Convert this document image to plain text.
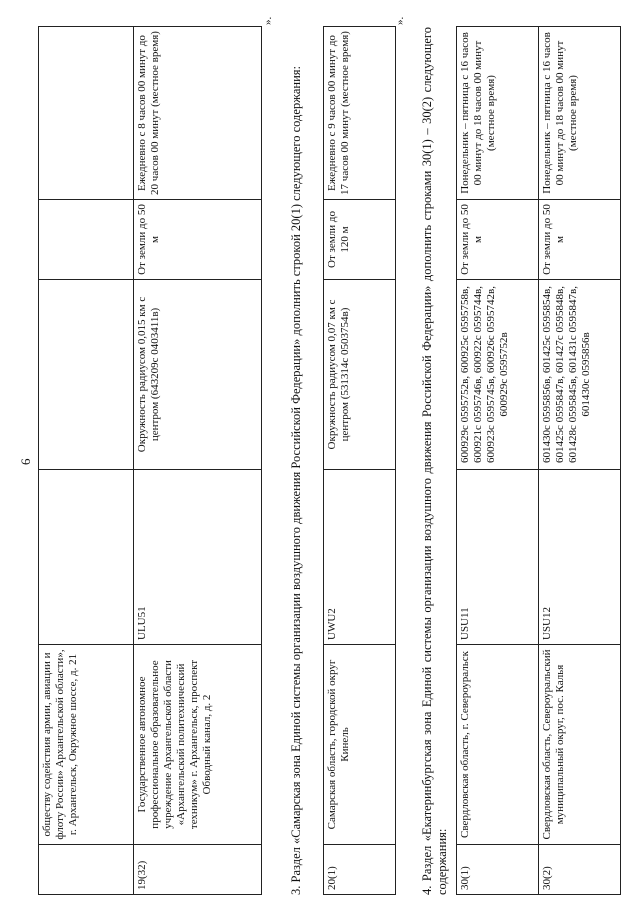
6
	обществу содействия армии, авиации и флоту России» Архангельской области», г. Архангельск, Окружное шоссе, д. 21				
19(32)	Государственное автономное профессиональное образовательное учреждение Архангельской области «Архангельский политехнический техникум» г. Архангельск, проспект Обводный канал, д. 2	ULU51	Окружность радиусом 0,015 км с центром (643209с 0403411в)	От земли до 50 м	Ежедневно с 8 часов 00 минут до 20 часов 00 минут (местное время)
».
3. Раздел «Самарская зона Единой системы организации воздушного движения Российской Федерации» дополнить строкой 20(1) следующего содержания: 20(1)	Самарская область, городской округ Кинель	UWU2	Окружность радиусом 0,07 км с центром (531314с 0503754в)	От земли до 120 м	Ежедневно с 9 часов 00 минут до 17 часов 00 минут (местное время)
».
4. Раздел «Екатеринбургская зона Единой системы организации воздушного движения Российской Федерации» дополнить строками 30(1) – 30(2) следующего содержания: 30(1)	Свердловская область, г. Североуральск	USU11	600929с 0595752в, 600925с 0595758в, 600921с 0595746в, 600922с 0595744в, 600923с 0595745в, 600926с 0595742в, 600929с 0595752в	От земли до 50 м	Понедельник – пятница с 16 часов 00 минут до 18 часов 00 минут (местное время)
30(2)	Свердловская область, Североуральский муниципальный округ, пос. Калья	USU12	601430с 0595856в, 601425с 0595854в, 601425с 0595847в, 601427с 0595848в, 601428с 0595845в, 601431с 0595847в, 601430с 0595856в	От земли до 50 м	Понедельник – пятница с 16 часов 00 минут до 18 часов 00 минут (местное время)
